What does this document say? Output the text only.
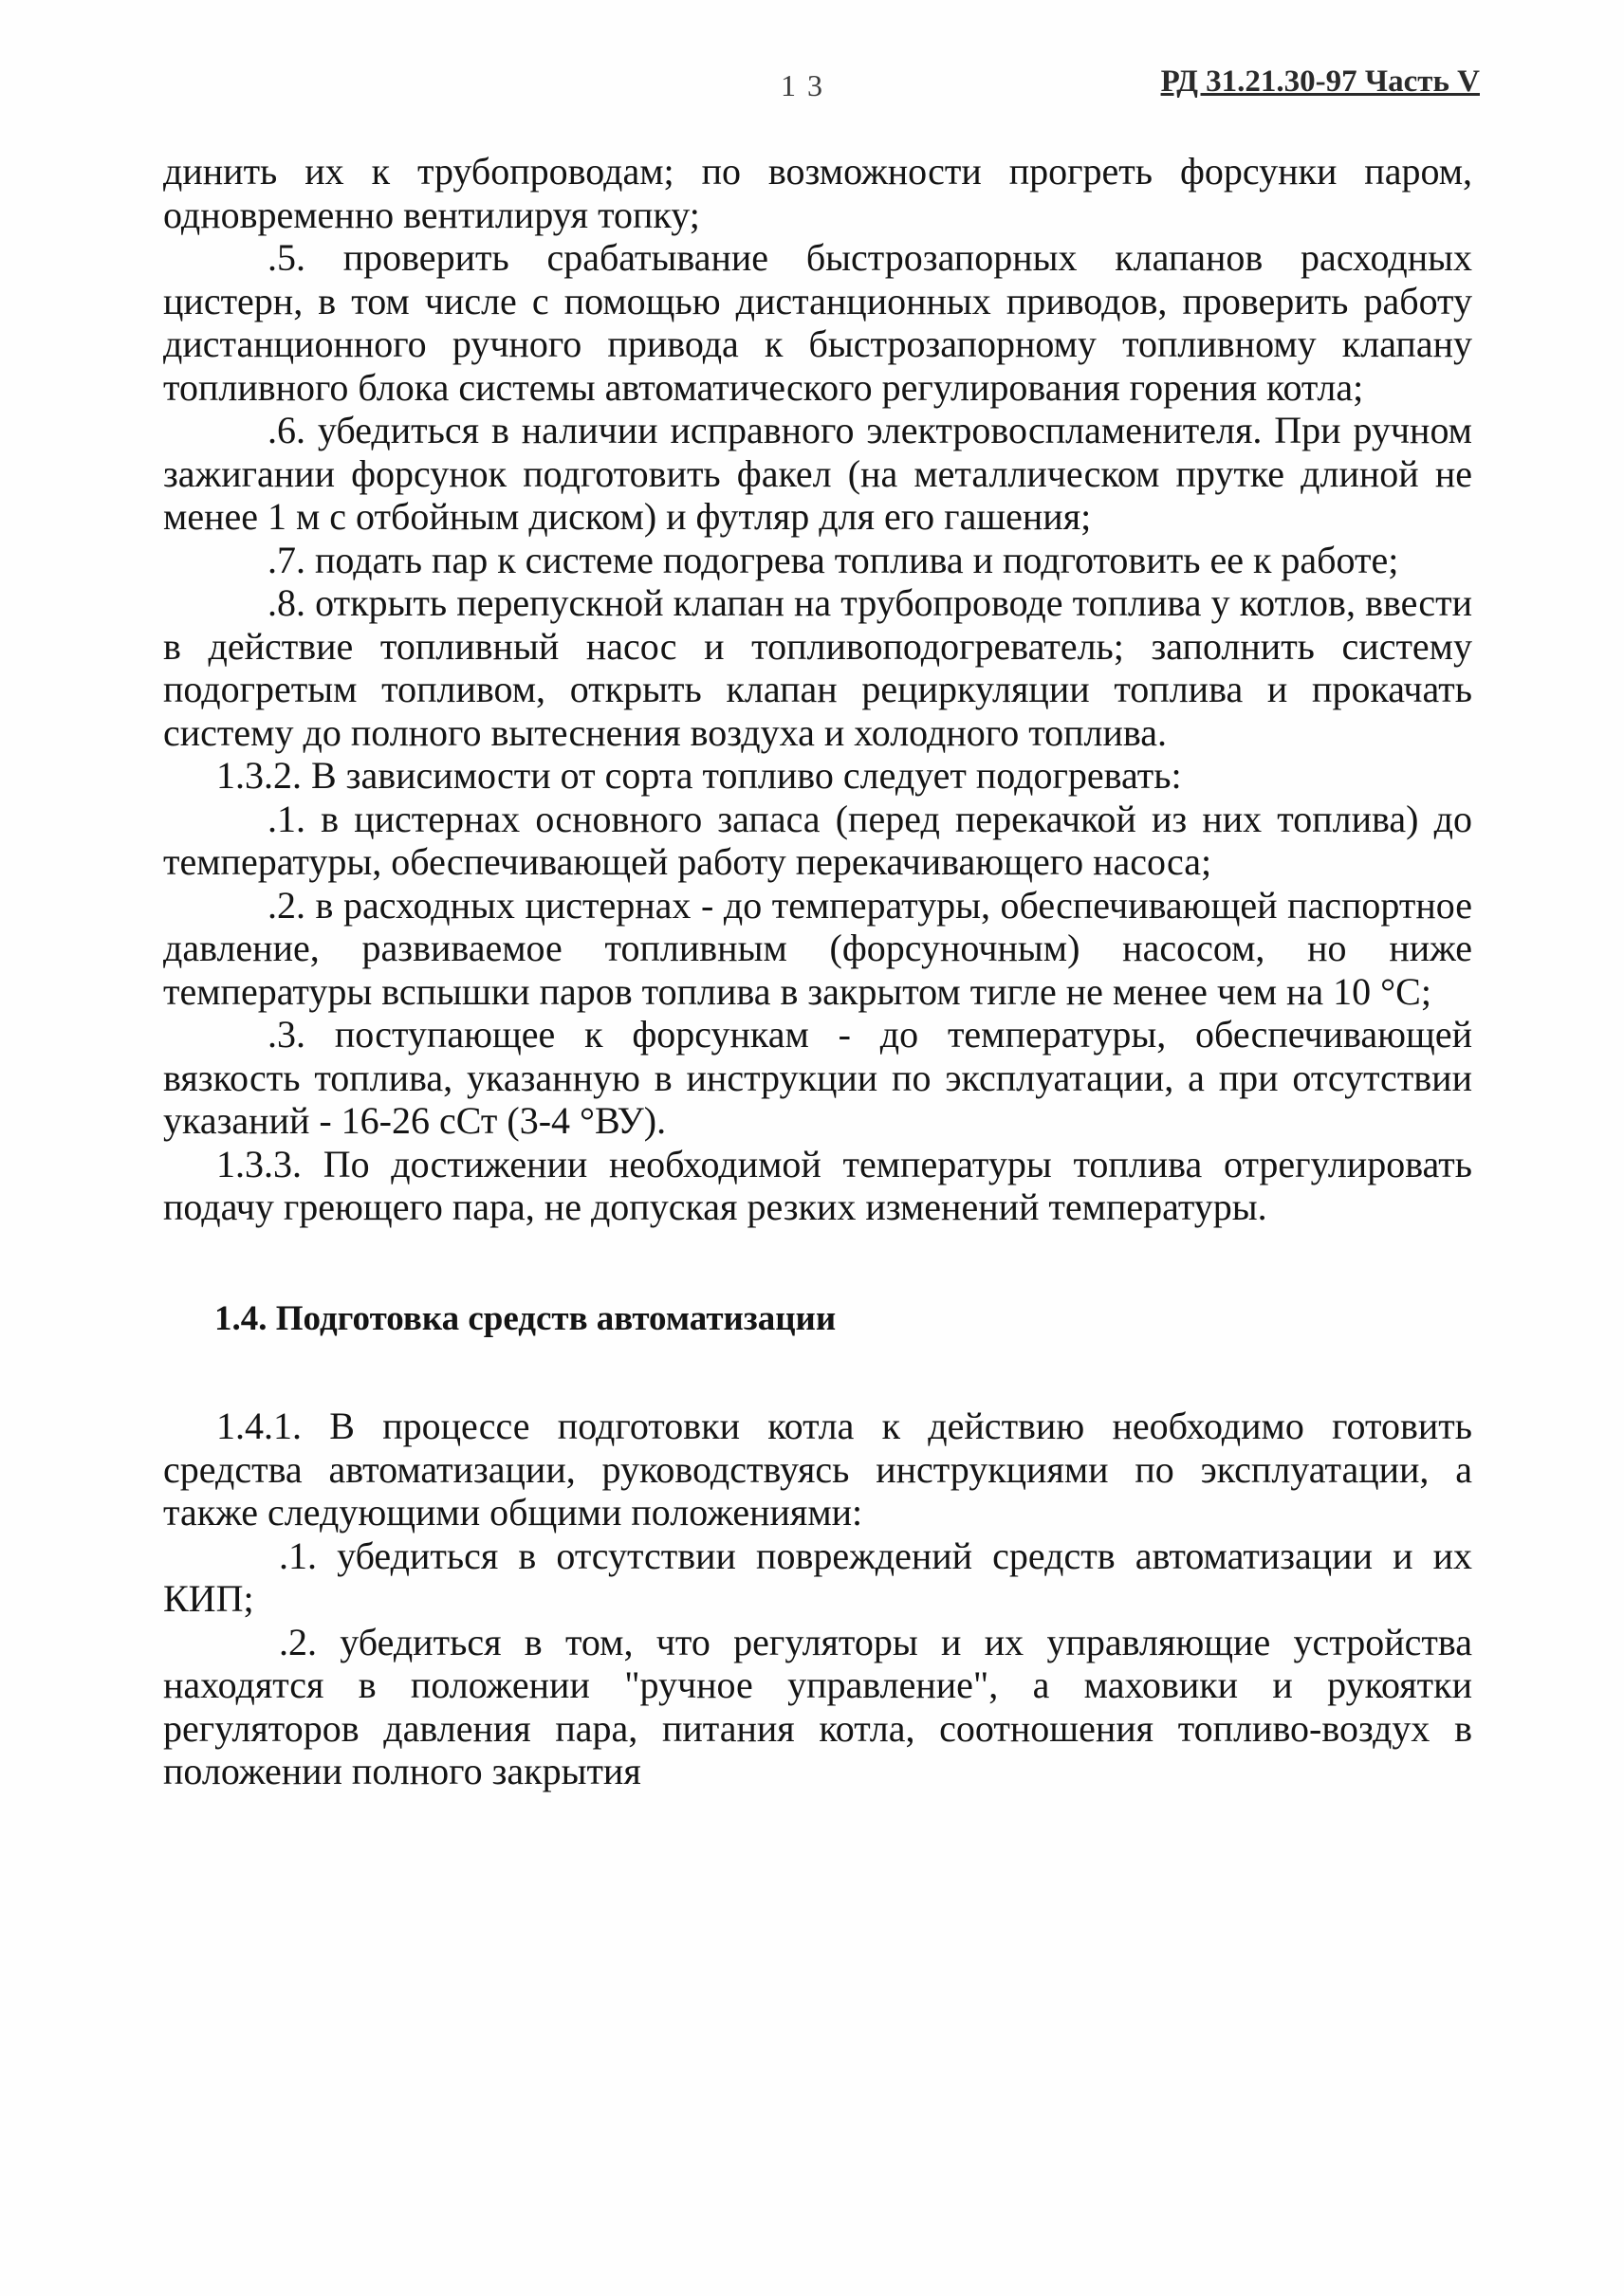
1 3	РД 31.21.30-97 Часть V

динить их к трубопроводам; по возможности прогреть форсунки паром, одновременно вентилируя топку;

.5. проверить срабатывание быстрозапорных клапанов расходных цистерн, в том числе с помощью дистанционных приводов, проверить работу дистанционного ручного привода к быстрозапорному топливному клапану топливного блока системы автоматического регулирования горения котла;

.6. убедиться в наличии исправного электровоспламенителя. При ручном зажигании форсунок подготовить факел (на металлическом прутке длиной не менее 1 м с отбойным диском) и футляр для его гашения;

.7. подать пар к системе подогрева топлива и подготовить ее к работе;

.8. открыть перепускной клапан на трубопроводе топлива у котлов, ввести в действие топливный насос и топливоподогреватель; заполнить систему подогретым топливом, открыть клапан рециркуляции топлива и прокачать систему до полного вытеснения воздуха и холодного топлива.

1.3.2. В зависимости от сорта топливо следует подогревать:

.1. в цистернах основного запаса (перед перекачкой из них топлива) до температуры, обеспечивающей работу перекачивающего насоса;

.2. в расходных цистернах - до температуры, обеспечивающей паспортное давление, развиваемое топливным (форсуночным) насосом, но ниже температуры вспышки паров топлива в закрытом тигле не менее чем на 10 °С;

.3. поступающее к форсункам - до температуры, обеспечивающей вязкость топлива, указанную в инструкции по эксплуатации, а при отсутствии указаний - 16-26 сСт (3-4 °ВУ).

1.3.3. По достижении необходимой температуры топлива отрегулировать подачу греющего пара, не допуская резких изменений температуры.

1.4. Подготовка средств автоматизации

1.4.1. В процессе подготовки котла к действию необходимо готовить средства автоматизации, руководствуясь инструкциями по эксплуатации, а также следующими общими положениями:

.1. убедиться в отсутствии повреждений средств автоматизации и их КИП;

.2. убедиться в том, что регуляторы и их управляющие устройства находятся в положении "ручное управление", а маховики и рукоятки регуляторов давления пара, питания котла, соотношения топливо-воздух в положении полного закрытия
